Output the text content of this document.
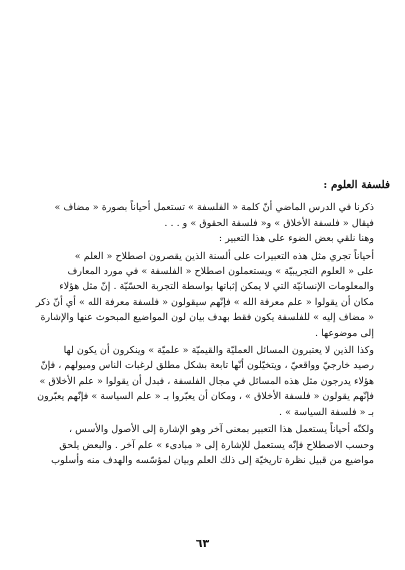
فلسفة العلوم :
ذكرنا في الدرس الماضي أنّ كلمة « الفلسفة » تستعمل أحياناً بصورة « مضاف »
فيقال « فلسفة الأخلاق » و« فلسفة الحقوق » و . . .
وهنا نلقي بعض الضوء على هذا التعبير :
أحياناً تجري مثل هذه التعبيرات على ألسنة الذين يقصرون اصطلاح « العلم »
على « العلوم التجريبيّة » ويستعملون اصطلاح « الفلسفة » في مورد المعارف
والمعلومات الإنسانيّة التي لا يمكن إثباتها بواسطة التجربة الحسّيّة . إنّ مثل هؤلاء
مكان أن يقولوا « علم معرفة الله » فإنّهم سيقولون « فلسفة معرفة الله » أي أنّ ذكر
« مضاف إليه » للفلسفة يكون فقط بهدف بيان لون المواضيع المبحوث عنها والإشارة
إلى موضوعها .
وكذا الذين لا يعتبرون المسائل العمليّة والقيميّة « علميّة » وينكرون أن يكون لها
رصيد خارجيّ وواقعيّ ، ويتخيّلون أنّها تابعة بشكل مطلق لرغبات الناس وميولهم ، فإنّ
هؤلاء يدرجون مثل هذه المسائل في مجال الفلسفة ، فبدل أن يقولوا « علم الأخلاق »
فإنّهم يقولون « فلسفة الأخلاق » ، ومكان أن يعبّروا بـ « علم السياسة » فإنّهم يعبّرون
بـ « فلسفة السياسة » .
ولكنّه أحياناً يستعمل هذا التعبير بمعنى آخر وهو الإشارة إلى الأصول والأسس ،
وحسب الاصطلاح فإنّه يستعمل للإشارة إلى « مبادىء » علم آخر . والبعض يلحق
مواضيع من قبيل نظرة تاريخيّة إلى ذلك العلم وبيان لمؤسّسه والهدف منه وأسلوب
٦٣
